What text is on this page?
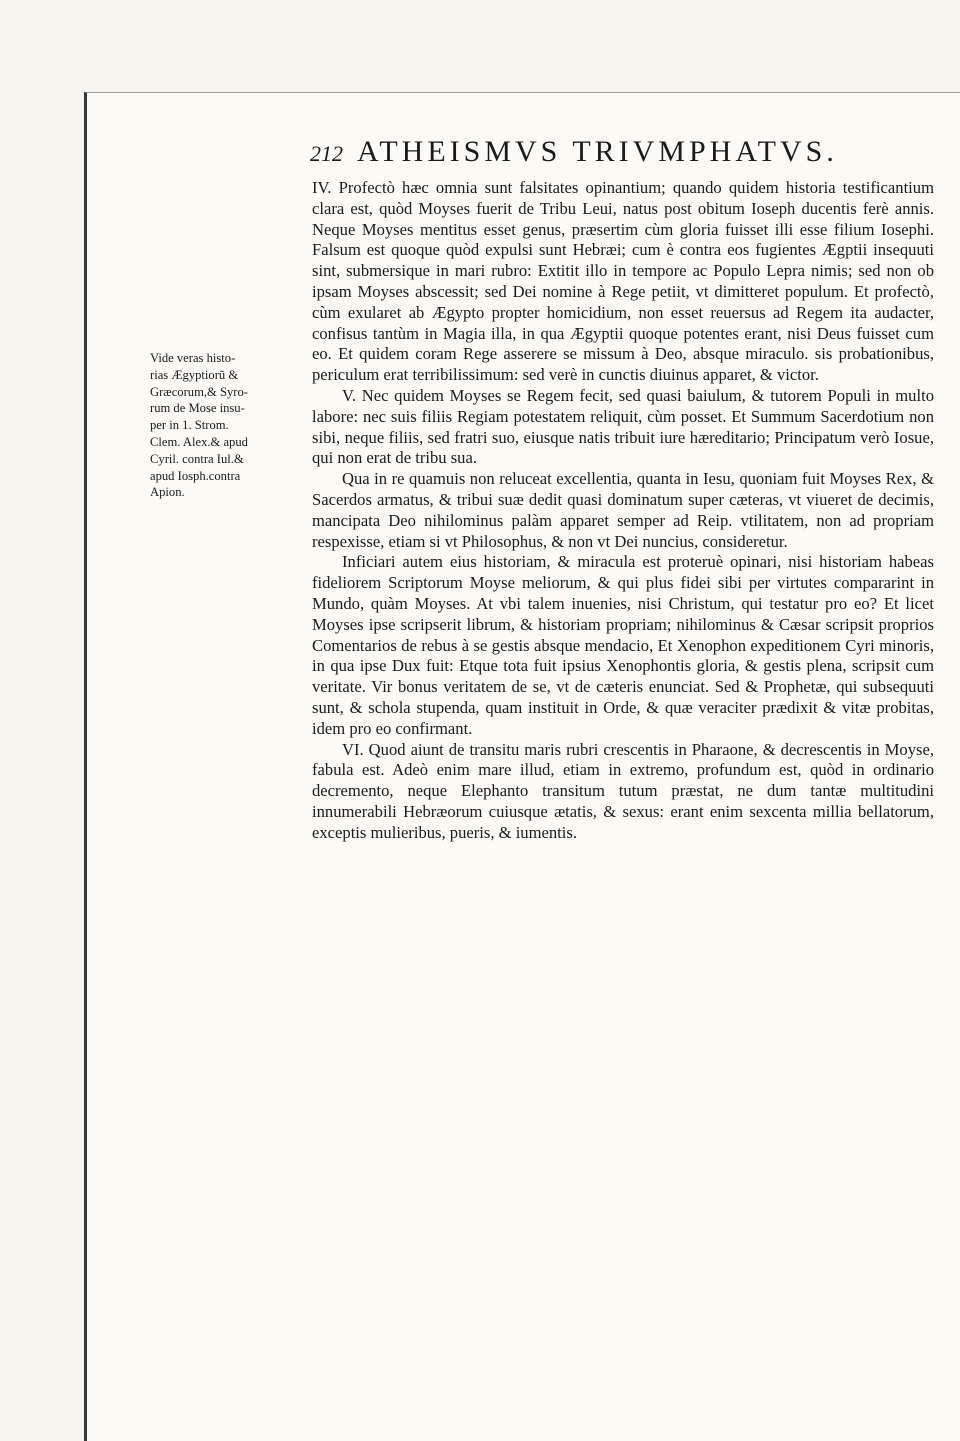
212 ATHEISMVS TRIVMPHATVS.
Vide veras histo-
rias Ægyptiorũ &
Græcorum,& Syro-
rum de Mose insu-
per in 1. Strom.
Clem. Alex.& apud
Cyril. contra Iul.&
apud Iosph.contra
Apion.

IV. Profectò hæc omnia sunt falsitates opinantium; quando quidem historia testificantium clara est, quòd Moyses fuerit de Tribu Leui, natus post obitum Ioseph ducentis ferè annis. Neque Moyses mentitus esset genus, præsertim cùm gloria fuisset illi esse filium Iosephi. Falsum est quoque quòd expulsi sunt Hebræi; cum è contra eos fugientes Ægptii insequuti sint, submersique in mari rubro: Extitit illo in tempore ac Populo Lepra nimis; sed non ob ipsam Moyses abscessit; sed Dei nomine à Rege petiit, vt dimitteret populum. Et profectò, cùm exularet ab Ægypto propter homicidium, non esset reuersus ad Regem ita audacter, confisus tantùm in Magia illa, in qua Ægyptii quoque potentes erant, nisi Deus fuisset cum eo. Et quidem coram Rege asserere se missum à Deo, absque miraculo. sis probationibus, periculum erat terribilissimum: sed verè in cunctis diuinus apparet, & victor.

V. Nec quidem Moyses se Regem fecit, sed quasi baiulum, & tutorem Populi in multo labore: nec suis filiis Regiam potestatem reliquit, cùm posset. Et Summum Sacerdotium non sibi, neque filiis, sed fratri suo, eiusque natis tribuit iure hæreditario; Principatum verò Iosue, qui non erat de tribu sua.

Qua in re quamuis non reluceat excellentia, quanta in Iesu, quoniam fuit Moyses Rex, & Sacerdos armatus, & tribui suæ dedit quasi dominatum super cæteras, vt viueret de decimis, mancipata Deo nihilominus palàm apparet semper ad Reip. vtilitatem, non ad propriam respexisse, etiam si vt Philosophus, & non vt Dei nuncius, consideretur.

Inficiari autem eius historiam, & miracula est proteruè opinari, nisi historiam habeas fideliorem Scriptorum Moyse meliorum, & qui plus fidei sibi per virtutes compararint in Mundo, quàm Moyses. At vbi talem inuenies, nisi Christum, qui testatur pro eo? Et licet Moyses ipse scripserit librum, & historiam propriam; nihilominus & Cæsar scripsit proprios Comentarios de rebus à se gestis absque mendacio, Et Xenophon expeditionem Cyri minoris, in qua ipse Dux fuit: Etque tota fuit ipsius Xenophontis gloria, & gestis plena, scripsit cum veritate. Vir bonus veritatem de se, vt de cæteris enunciat. Sed & Prophetæ, qui subsequuti sunt, & schola stupenda, quam instituit in Orde, & quæ veraciter prædixit & vitæ probitas, idem pro eo confirmant.

VI. Quod aiunt de transitu maris rubri crescentis in Pharaone, & decrescentis in Moyse, fabula est. Adeò enim mare illud, etiam in extremo, profundum est, quòd in ordinario decremento, neque Elephanto transitum tutum præstat, ne dum tantæ multitudini innumerabili Hebræorum cuiusque ætatis, & sexus: erant enim sexcenta millia bellatorum, exceptis mulieribus, pueris, & iumentis.
